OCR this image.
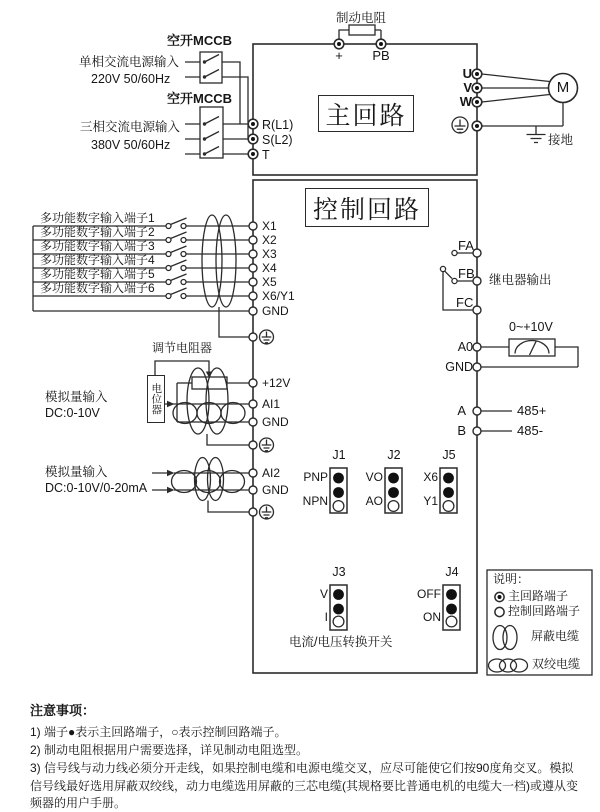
制动电阻
+	PB
空开MCCB
单相交流电源输入
220V 50/60Hz
空开MCCB
三相交流电源输入
380V 50/60Hz
R(L1)
S(L2)
T
主回路
控制回路
U
V
W
M
接地
多功能数字输入端子1
多功能数字输入端子2
多功能数字输入端子3
多功能数字输入端子4
多功能数字输入端子5
多功能数字输入端子6
X1
X2
X3
X4
X5
X6/Y1
GND
调节电阻器
电位器
模拟量输入
DC:0-10V
+12V
AI1
GND
模拟量输入
DC:0-10V/0-20mA
AI2
GND
FA
FB
FC
继电器输出
0~+10V
A0
GND
A
B
485+
485-
J1	J2	J5
PNP
NPN
VO
AO
X6
Y1
J3	J4
V
I
OFF
ON
电流/电压转换开关
说明：
主回路端子
控制回路端子
屏蔽电缆
双绞电缆
注意事项：
1) 端子●表示主回路端子，○表示控制回路端子。
2) 制动电阻根据用户需要选择，详见制动电阻选型。
3) 信号线与动力线必须分开走线，如果控制电缆和电源电缆交叉，应尽可能使它们按90度角交叉。模拟信号线最好选用屏蔽双绞线，动力电缆选用屏蔽的三芯电缆(其规格要比普通电机的电缆大一档)或遵从变频器的用户手册。
